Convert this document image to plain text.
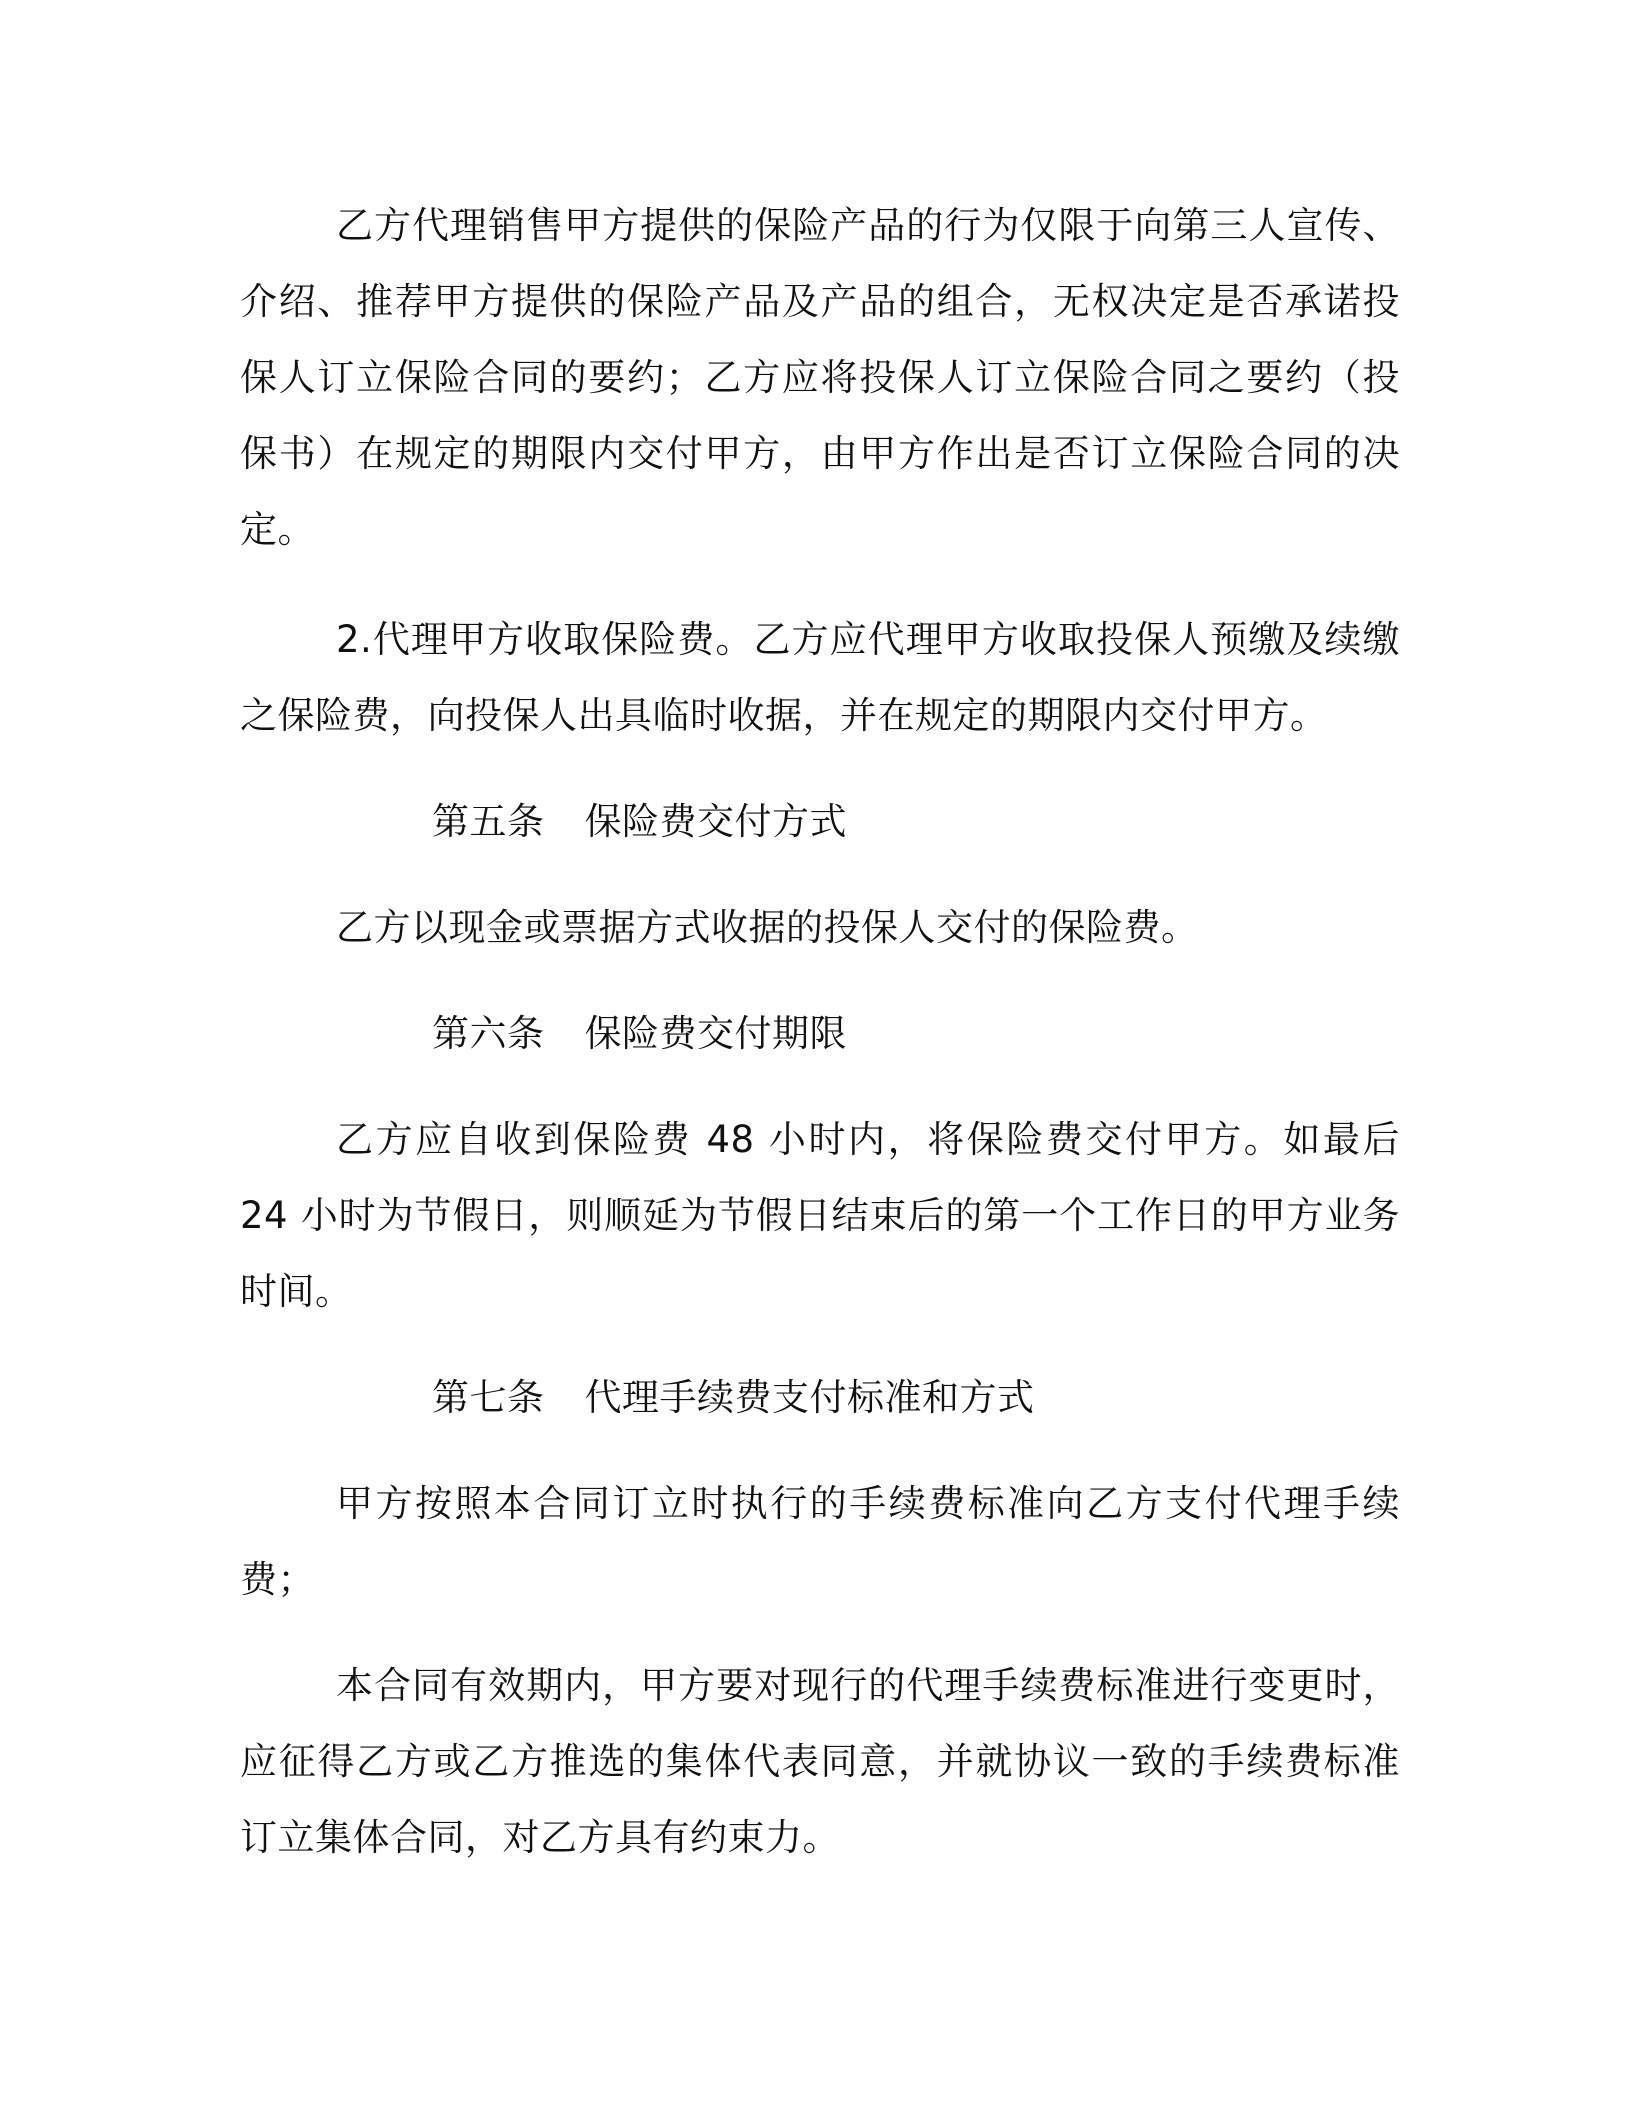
乙方代理销售甲方提供的保险产品的行为仅限于向第三人宣传、介绍、推荐甲方提供的保险产品及产品的组合，无权决定是否承诺投保人订立保险合同的要约；乙方应将投保人订立保险合同之要约（投保书）在规定的期限内交付甲方，由甲方作出是否订立保险合同的决定。

2.代理甲方收取保险费。乙方应代理甲方收取投保人预缴及续缴之保险费，向投保人出具临时收据，并在规定的期限内交付甲方。

第五条 保险费交付方式

乙方以现金或票据方式收据的投保人交付的保险费。

第六条 保险费交付期限

乙方应自收到保险费 48 小时内，将保险费交付甲方。如最后 24 小时为节假日，则顺延为节假日结束后的第一个工作日的甲方业务时间。

第七条 代理手续费支付标准和方式

甲方按照本合同订立时执行的手续费标准向乙方支付代理手续费；

本合同有效期内，甲方要对现行的代理手续费标准进行变更时，应征得乙方或乙方推选的集体代表同意，并就协议一致的手续费标准订立集体合同，对乙方具有约束力。
